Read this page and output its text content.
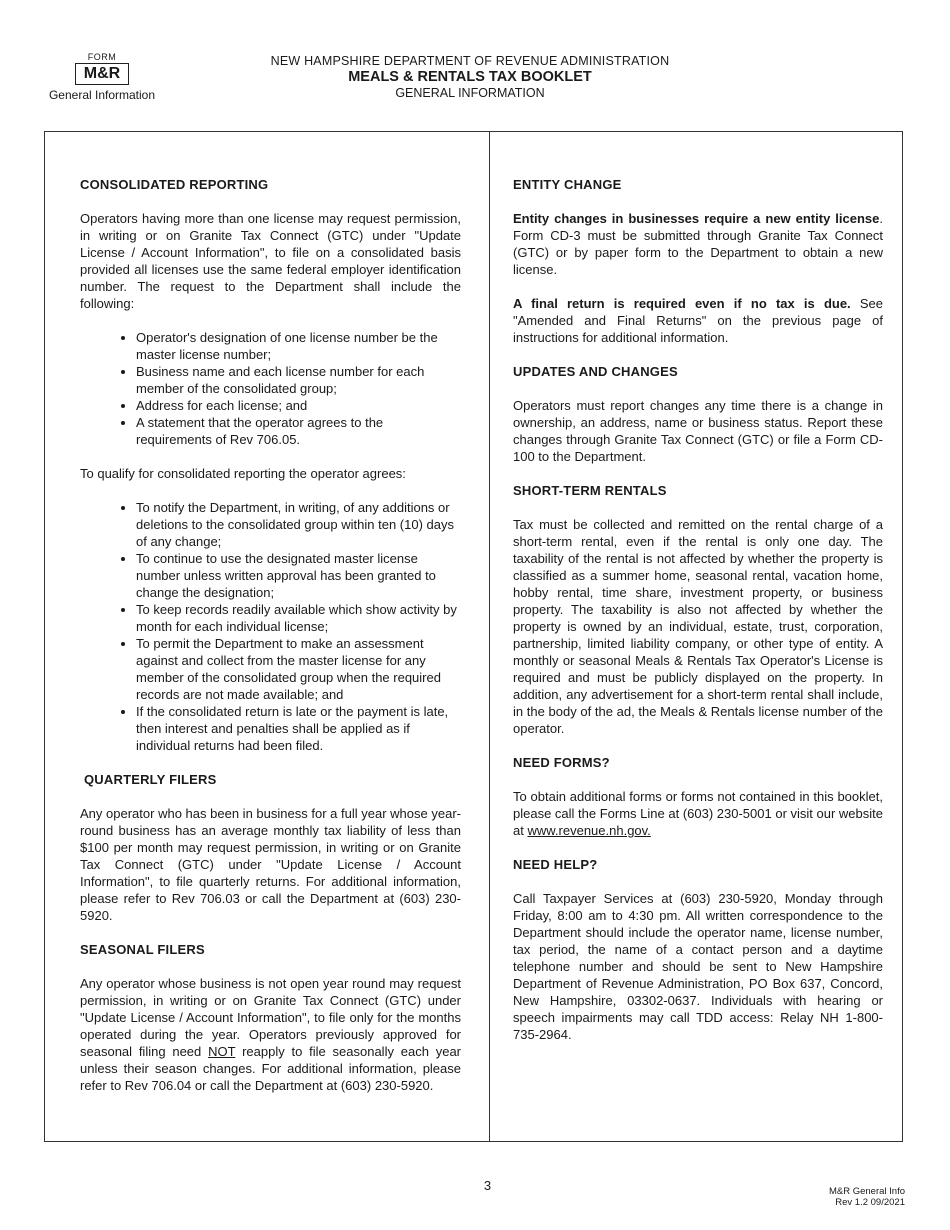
FORM
M&R
General Information
NEW HAMPSHIRE DEPARTMENT OF REVENUE ADMINISTRATION
MEALS & RENTALS TAX BOOKLET
GENERAL INFORMATION
CONSOLIDATED REPORTING

Operators having more than one license may request permission, in writing or on Granite Tax Connect (GTC) under "Update License / Account Information", to file on a consolidated basis provided all licenses use the same federal employer identification number. The request to the Department shall include the following:

• Operator's designation of one license number be the master license number;
• Business name and each license number for each member of the consolidated group;
• Address for each license; and
• A statement that the operator agrees to the requirements of Rev 706.05.

To qualify for consolidated reporting the operator agrees:

• To notify the Department, in writing, of any additions or deletions to the consolidated group within ten (10) days of any change;
• To continue to use the designated master license number unless written approval has been granted to change the designation;
• To keep records readily available which show activity by month for each individual license;
• To permit the Department to make an assessment against and collect from the master license for any member of the consolidated group when the required records are not made available; and
• If the consolidated return is late or the payment is late, then interest and penalties shall be applied as if individual returns had been filed.
QUARTERLY FILERS

Any operator who has been in business for a full year whose year-round business has an average monthly tax liability of less than $100 per month may request permission, in writing or on Granite Tax Connect (GTC) under "Update License / Account Information", to file quarterly returns. For additional information, please refer to Rev 706.03 or call the Department at (603) 230-5920.

SEASONAL FILERS

Any operator whose business is not open year round may request permission, in writing or on Granite Tax Connect (GTC) under "Update License / Account Information", to file only for the months operated during the year. Operators previously approved for seasonal filing need NOT reapply to file seasonally each year unless their season changes. For additional information, please refer to Rev 706.04 or call the Department at (603) 230-5920.

ENTITY CHANGE

Entity changes in businesses require a new entity license. Form CD-3 must be submitted through Granite Tax Connect (GTC) or by paper form to the Department to obtain a new license.

A final return is required even if no tax is due. See "Amended and Final Returns" on the previous page of instructions for additional information.

UPDATES AND CHANGES

Operators must report changes any time there is a change in ownership, an address, name or business status. Report these changes through Granite Tax Connect (GTC) or file a Form CD-100 to the Department.

SHORT-TERM RENTALS

Tax must be collected and remitted on the rental charge of a short-term rental, even if the rental is only one day. The taxability of the rental is not affected by whether the property is classified as a summer home, seasonal rental, vacation home, hobby rental, time share, investment property, or business property. The taxability is also not affected by whether the property is owned by an individual, estate, trust, corporation, partnership, limited liability company, or other type of entity. A monthly or seasonal Meals & Rentals Tax Operator's License is required and must be publicly displayed on the property. In addition, any advertisement for a short-term rental shall include, in the body of the ad, the Meals & Rentals license number of the operator.

NEED FORMS?

To obtain additional forms or forms not contained in this booklet, please call the Forms Line at (603) 230-5001 or visit our website at www.revenue.nh.gov.

NEED HELP?

Call Taxpayer Services at (603) 230-5920, Monday through Friday, 8:00 am to 4:30 pm. All written correspondence to the Department should include the operator name, license number, tax period, the name of a contact person and a daytime telephone number and should be sent to New Hampshire Department of Revenue Administration, PO Box 637, Concord, New Hampshire, 03302-0637. Individuals with hearing or speech impairments may call TDD access: Relay NH 1-800-735-2964.

3	M&R General Info
Rev 1.2 09/2021
